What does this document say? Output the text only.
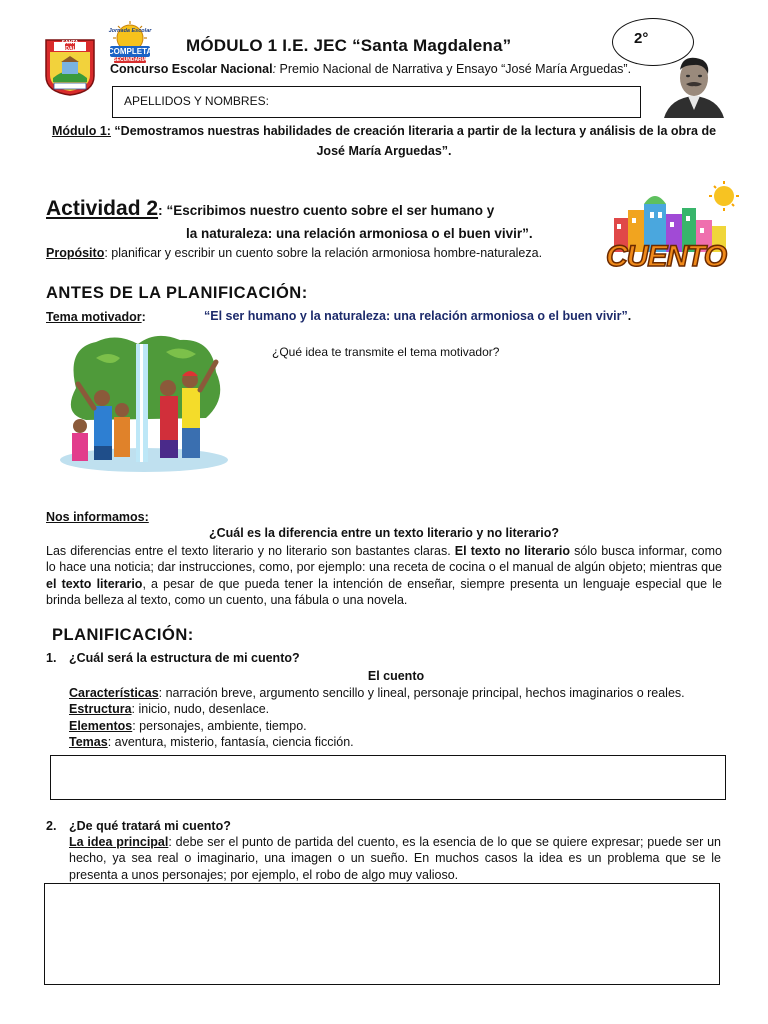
SANTA MAGDALENA
Jornada Escolar
COMPLETA
SECUNDARIA
MÓDULO 1 I.E. JEC “Santa Magdalena”	2°
Concurso Escolar Nacional: Premio Nacional de Narrativa y Ensayo “José María Arguedas”.
APELLIDOS Y NOMBRES:
Módulo 1: “Demostramos nuestras habilidades de creación literaria a partir de la lectura y análisis de la obra de José María Arguedas”.
Actividad 2: “Escribimos nuestro cuento sobre el ser humano y
la naturaleza: una relación armoniosa o el buen vivir”.
CUENTO
Propósito: planificar y escribir un cuento sobre la relación armoniosa hombre-naturaleza.
ANTES DE LA PLANIFICACIÓN:
Tema motivador:	“El ser humano y la naturaleza: una relación armoniosa o el buen vivir”.
¿Qué idea te transmite el tema motivador?
Nos informamos:
¿Cuál es la diferencia entre un texto literario y no literario?
Las diferencias entre el texto literario y no literario son bastantes claras. El texto no literario sólo busca informar, como lo hace una noticia; dar instrucciones, como, por ejemplo: una receta de cocina o el manual de algún objeto; mientras que el texto literario, a pesar de que pueda tener la intención de enseñar, siempre presenta un lenguaje especial que le brinda belleza al texto, como un cuento, una fábula o una novela.
PLANIFICACIÓN:
1. ¿Cuál será la estructura de mi cuento?
El cuento
Características: narración breve, argumento sencillo y lineal, personaje principal, hechos imaginarios o reales.
Estructura: inicio, nudo, desenlace.
Elementos: personajes, ambiente, tiempo.
Temas: aventura, misterio, fantasía, ciencia ficción.
2. ¿De qué tratará mi cuento?
La idea principal: debe ser el punto de partida del cuento, es la esencia de lo que se quiere expresar; puede ser un hecho, ya sea real o imaginario, una imagen o un sueño. En muchos casos la idea es un problema que se le presenta a unos personajes; por ejemplo, el robo de algo muy valioso.
